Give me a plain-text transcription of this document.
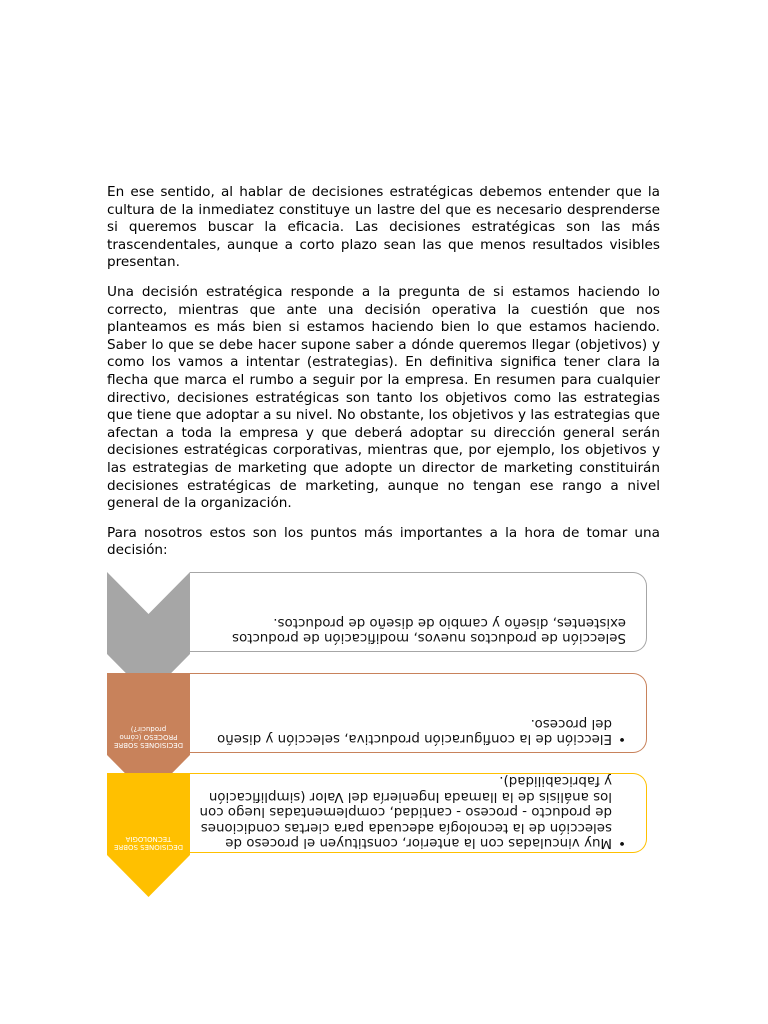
En ese sentido, al hablar de decisiones estratégicas debemos entender que la cultura de la inmediatez constituye un lastre del que es necesario desprenderse si queremos buscar la eficacia. Las decisiones estratégicas son las más trascendentales, aunque a corto plazo sean las que menos resultados visibles presentan.

Una decisión estratégica responde a la pregunta de si estamos haciendo lo correcto, mientras que ante una decisión operativa la cuestión que nos planteamos es más bien si estamos haciendo bien lo que estamos haciendo. Saber lo que se debe hacer supone saber a dónde queremos llegar (objetivos) y como los vamos a intentar (estrategias). En definitiva significa tener clara la flecha que marca el rumbo a seguir por la empresa. En resumen para cualquier directivo, decisiones estratégicas son tanto los objetivos como las estrategias que tiene que adoptar a su nivel. No obstante, los objetivos y las estrategias que afectan a toda la empresa y que deberá adoptar su dirección general serán decisiones estratégicas corporativas, mientras que, por ejemplo, los objetivos y las estrategias de marketing que adopte un director de marketing constituirán decisiones estratégicas de marketing, aunque no tengan ese rango a nivel general de la organización.

Para nosotros estos son los puntos más importantes a la hora de tomar una decisión:

Selección de productos nuevos, modificación de productos existentes, diseño y cambio de diseño de productos.
DECISIONES SOBRE PROCESO (cómo producir?)
•
Elección de la configuración productiva, selección y diseño del proceso.
DECISIONES SOBRE TECNOLOGIA	•
Muy vinculadas con la anterior, constituyen el proceso de selección de la tecnología adecuada para ciertas condiciones de producto - proceso - cantidad, complementadas luego con los análisis de la llamada Ingeniería del Valor (simplificación y fabricabilidad).
